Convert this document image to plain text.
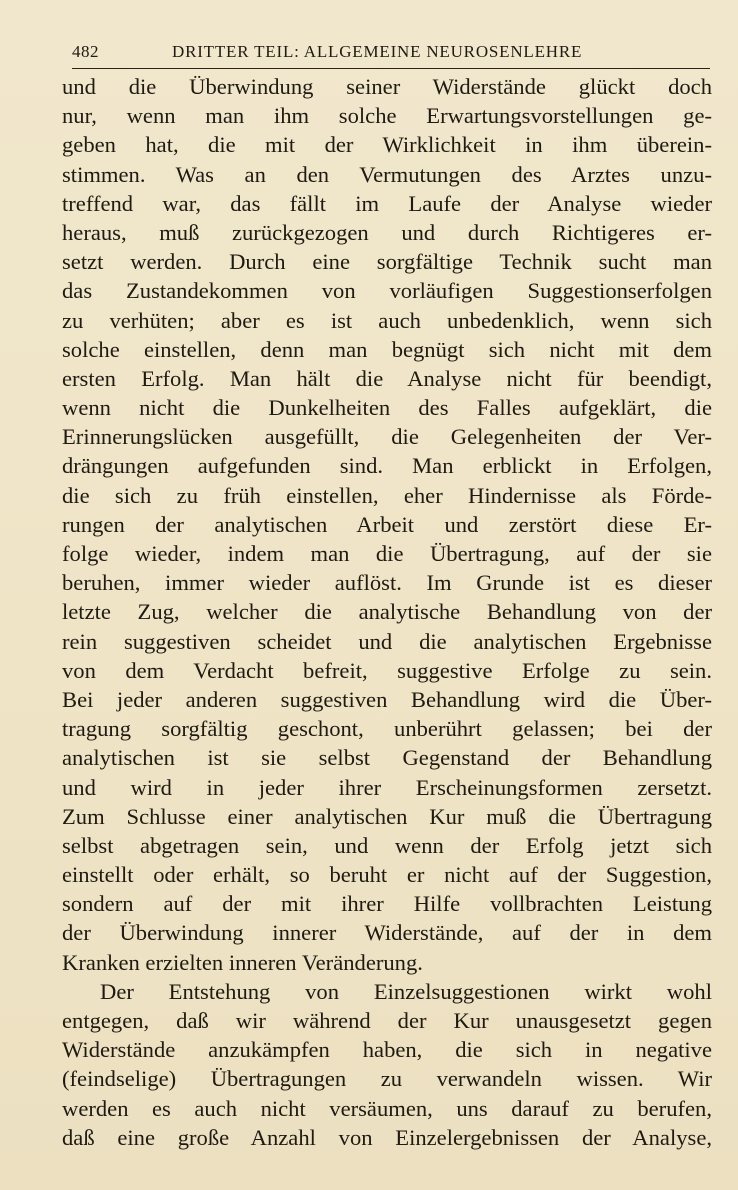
482	DRITTER TEIL: ALLGEMEINE NEUROSENLEHRE
und die Überwindung seiner Widerstände glückt doch
nur, wenn man ihm solche Erwartungsvorstellungen ge-
geben hat, die mit der Wirklichkeit in ihm überein-
stimmen. Was an den Vermutungen des Arztes unzu-
treffend war, das fällt im Laufe der Analyse wieder
heraus, muß zurückgezogen und durch Richtigeres er-
setzt werden. Durch eine sorgfältige Technik sucht man
das Zustandekommen von vorläufigen Suggestionserfolgen
zu verhüten; aber es ist auch unbedenklich, wenn sich
solche einstellen, denn man begnügt sich nicht mit dem
ersten Erfolg. Man hält die Analyse nicht für beendigt,
wenn nicht die Dunkelheiten des Falles aufgeklärt, die
Erinnerungslücken ausgefüllt, die Gelegenheiten der Ver-
drängungen aufgefunden sind. Man erblickt in Erfolgen,
die sich zu früh einstellen, eher Hindernisse als Förde-
rungen der analytischen Arbeit und zerstört diese Er-
folge wieder, indem man die Übertragung, auf der sie
beruhen, immer wieder auflöst. Im Grunde ist es dieser
letzte Zug, welcher die analytische Behandlung von der
rein suggestiven scheidet und die analytischen Ergebnisse
von dem Verdacht befreit, suggestive Erfolge zu sein.
Bei jeder anderen suggestiven Behandlung wird die Über-
tragung sorgfältig geschont, unberührt gelassen; bei der
analytischen ist sie selbst Gegenstand der Behandlung
und wird in jeder ihrer Erscheinungsformen zersetzt.
Zum Schlusse einer analytischen Kur muß die Übertragung
selbst abgetragen sein, und wenn der Erfolg jetzt sich
einstellt oder erhält, so beruht er nicht auf der Suggestion,
sondern auf der mit ihrer Hilfe vollbrachten Leistung
der Überwindung innerer Widerstände, auf der in dem
Kranken erzielten inneren Veränderung.
Der Entstehung von Einzelsuggestionen wirkt wohl
entgegen, daß wir während der Kur unausgesetzt gegen
Widerstände anzukämpfen haben, die sich in negative
(feindselige) Übertragungen zu verwandeln wissen. Wir
werden es auch nicht versäumen, uns darauf zu berufen,
daß eine große Anzahl von Einzelergebnissen der Analyse,
